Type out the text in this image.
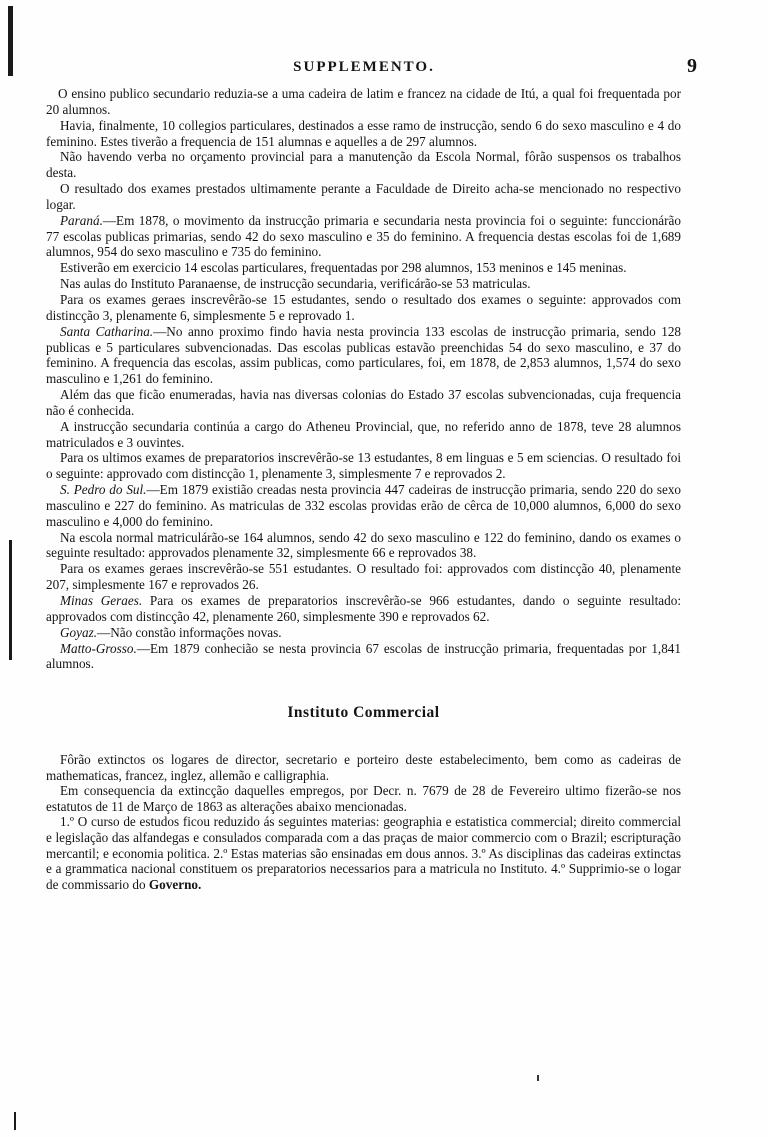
SUPPLEMENTO.	9

O ensino publico secundario reduzia-se a uma cadeira de latim e francez na cidade de Itú, a qual foi frequentada por 20 alumnos.

Havia, finalmente, 10 collegios particulares, destinados a esse ramo de instrucção, sendo 6 do sexo masculino e 4 do feminino. Estes tiverão a frequencia de 151 alumnas e aquelles a de 297 alumnos.

Não havendo verba no orçamento provincial para a manutenção da Escola Normal, fôrão suspensos os trabalhos desta.

O resultado dos exames prestados ultimamente perante a Faculdade de Direito acha-se mencionado no respectivo logar.

Paraná.—Em 1878, o movimento da instrucção primaria e secundaria nesta provincia foi o seguinte: funccionárão 77 escolas publicas primarias, sendo 42 do sexo masculino e 35 do feminino. A frequencia destas escolas foi de 1,689 alumnos, 954 do sexo masculino e 735 do feminino.

Estiverão em exercicio 14 escolas particulares, frequentadas por 298 alumnos, 153 meninos e 145 meninas.

Nas aulas do Instituto Paranaense, de instrucção secundaria, verificárão-se 53 matriculas.

Para os exames geraes inscrevêrão-se 15 estudantes, sendo o resultado dos exames o seguinte: approvados com distincção 3, plenamente 6, simplesmente 5 e reprovado 1.

Santa Catharina.—No anno proximo findo havia nesta provincia 133 escolas de instrucção primaria, sendo 128 publicas e 5 particulares subvencionadas. Das escolas publicas estavão preenchidas 54 do sexo masculino, e 37 do feminino. A frequencia das escolas, assim publicas, como particulares, foi, em 1878, de 2,853 alumnos, 1,574 do sexo masculino e 1,261 do feminino.

Além das que ficão enumeradas, havia nas diversas colonias do Estado 37 escolas subvencionadas, cuja frequencia não é conhecida.

A instrucção secundaria continúa a cargo do Atheneu Provincial, que, no referido anno de 1878, teve 28 alumnos matriculados e 3 ouvintes.

Para os ultimos exames de preparatorios inscrevêrão-se 13 estudantes, 8 em linguas e 5 em sciencias. O resultado foi o seguinte: approvado com distincção 1, plenamente 3, simplesmente 7 e reprovados 2.

S. Pedro do Sul.—Em 1879 existião creadas nesta provincia 447 cadeiras de instrucção primaria, sendo 220 do sexo masculino e 227 do feminino. As matriculas de 332 escolas providas erão de cêrca de 10,000 alumnos, 6,000 do sexo masculino e 4,000 do feminino.

Na escola normal matriculárão-se 164 alumnos, sendo 42 do sexo masculino e 122 do feminino, dando os exames o seguinte resultado: approvados plenamente 32, simplesmente 66 e reprovados 38.

Para os exames geraes inscrevêrão-se 551 estudantes. O resultado foi: approvados com distincção 40, plenamente 207, simplesmente 167 e reprovados 26.

Minas Geraes. Para os exames de preparatorios inscrevêrão-se 966 estudantes, dando o seguinte resultado: approvados com distincção 42, plenamente 260, simplesmente 390 e reprovados 62.

Goyaz.—Não constão informações novas.

Matto-Grosso.—Em 1879 conhecião se nesta provincia 67 escolas de instrucção primaria, frequentadas por 1,841 alumnos.

Instituto Commercial

Fôrão extinctos os logares de director, secretario e porteiro deste estabelecimento, bem como as cadeiras de mathematicas, francez, inglez, allemão e calligraphia.

Em consequencia da extincção daquelles empregos, por Decr. n. 7679 de 28 de Fevereiro ultimo fizerão-se nos estatutos de 11 de Março de 1863 as alterações abaixo mencionadas.

1.º O curso de estudos ficou reduzido ás seguintes materias: geographia e estatistica commercial; direito commercial e legislação das alfandegas e consulados comparada com a das praças de maior commercio com o Brazil; escripturação mercantil; e economia politica. 2.º Estas materias são ensinadas em dous annos. 3.º As disciplinas das cadeiras extinctas e a grammatica nacional constituem os preparatorios necessarios para a matricula no Instituto. 4.º Supprimio-se o logar de commissario do Governo.
